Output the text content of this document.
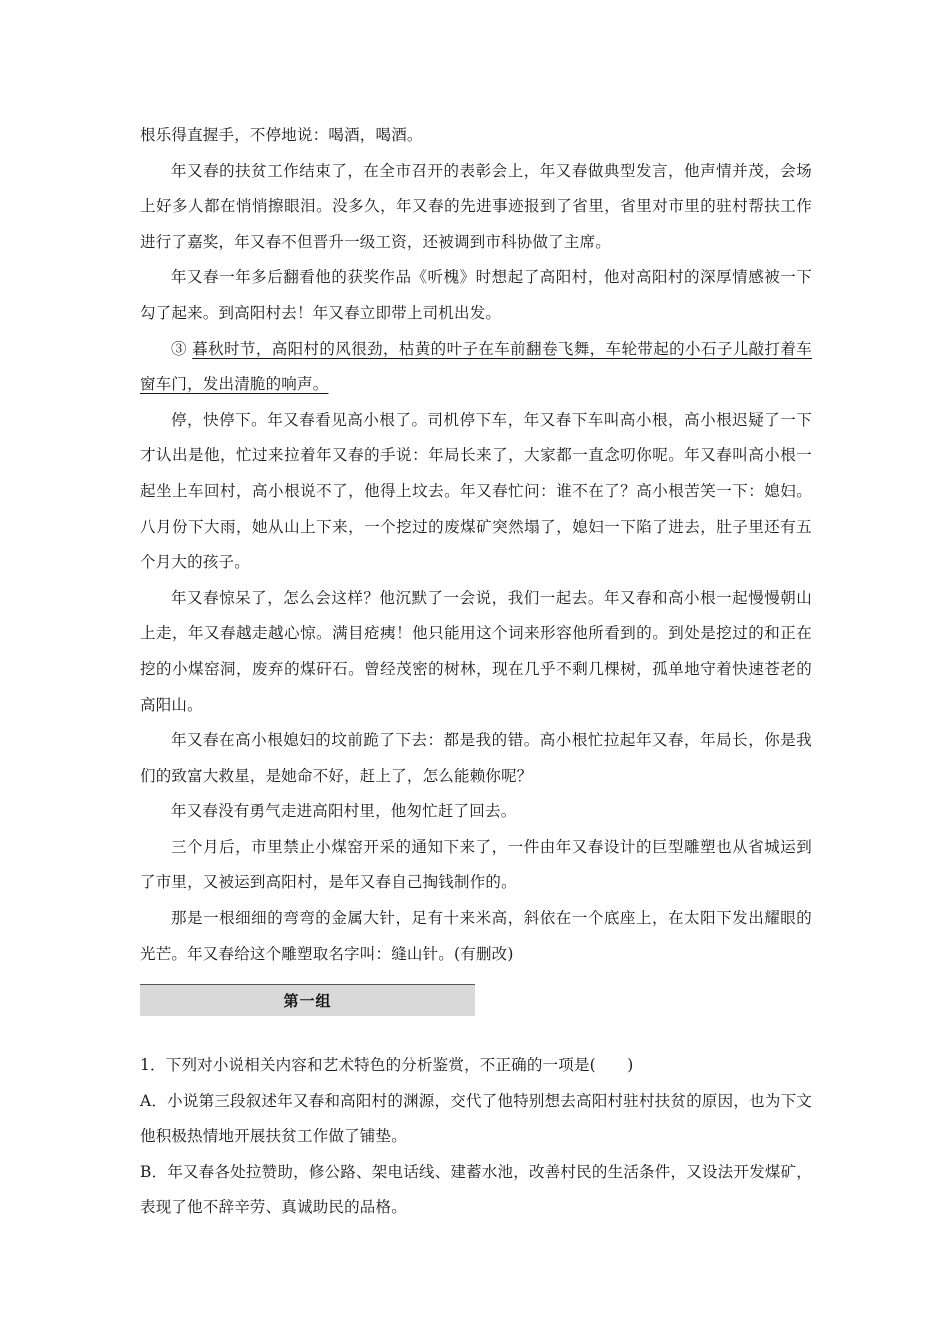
根乐得直握手，不停地说：喝酒，喝酒。

年又春的扶贫工作结束了，在全市召开的表彰会上，年又春做典型发言，他声情并茂，会场上好多人都在悄悄擦眼泪。没多久，年又春的先进事迹报到了省里，省里对市里的驻村帮扶工作进行了嘉奖，年又春不但晋升一级工资，还被调到市科协做了主席。

年又春一年多后翻看他的获奖作品《听槐》时想起了高阳村，他对高阳村的深厚情感被一下勾了起来。到高阳村去！年又春立即带上司机出发。

③ 暮秋时节，高阳村的风很劲，枯黄的叶子在车前翻卷飞舞，车轮带起的小石子儿敲打着车窗车门，发出清脆的响声。

停，快停下。年又春看见高小根了。司机停下车，年又春下车叫高小根，高小根迟疑了一下才认出是他，忙过来拉着年又春的手说：年局长来了，大家都一直念叨你呢。年又春叫高小根一起坐上车回村，高小根说不了，他得上坟去。年又春忙问：谁不在了？高小根苦笑一下：媳妇。八月份下大雨，她从山上下来，一个挖过的废煤矿突然塌了，媳妇一下陷了进去，肚子里还有五个月大的孩子。

年又春惊呆了，怎么会这样？他沉默了一会说，我们一起去。年又春和高小根一起慢慢朝山上走，年又春越走越心惊。满目疮痍！他只能用这个词来形容他所看到的。到处是挖过的和正在挖的小煤窑洞，废弃的煤矸石。曾经茂密的树林，现在几乎不剩几棵树，孤单地守着快速苍老的高阳山。

年又春在高小根媳妇的坟前跪了下去：都是我的错。高小根忙拉起年又春，年局长，你是我们的致富大救星，是她命不好，赶上了，怎么能赖你呢？

年又春没有勇气走进高阳村里，他匆忙赶了回去。

三个月后，市里禁止小煤窑开采的通知下来了，一件由年又春设计的巨型雕塑也从省城运到了市里，又被运到高阳村，是年又春自己掏钱制作的。

那是一根细细的弯弯的金属大针，足有十来米高，斜依在一个底座上，在太阳下发出耀眼的光芒。年又春给这个雕塑取名字叫：缝山针。(有删改)

第一组

1．下列对小说相关内容和艺术特色的分析鉴赏，不正确的一项是(　　)

A．小说第三段叙述年又春和高阳村的渊源，交代了他特别想去高阳村驻村扶贫的原因，也为下文他积极热情地开展扶贫工作做了铺垫。

B．年又春各处拉赞助，修公路、架电话线、建蓄水池，改善村民的生活条件，又设法开发煤矿，表现了他不辞辛劳、真诚助民的品格。
